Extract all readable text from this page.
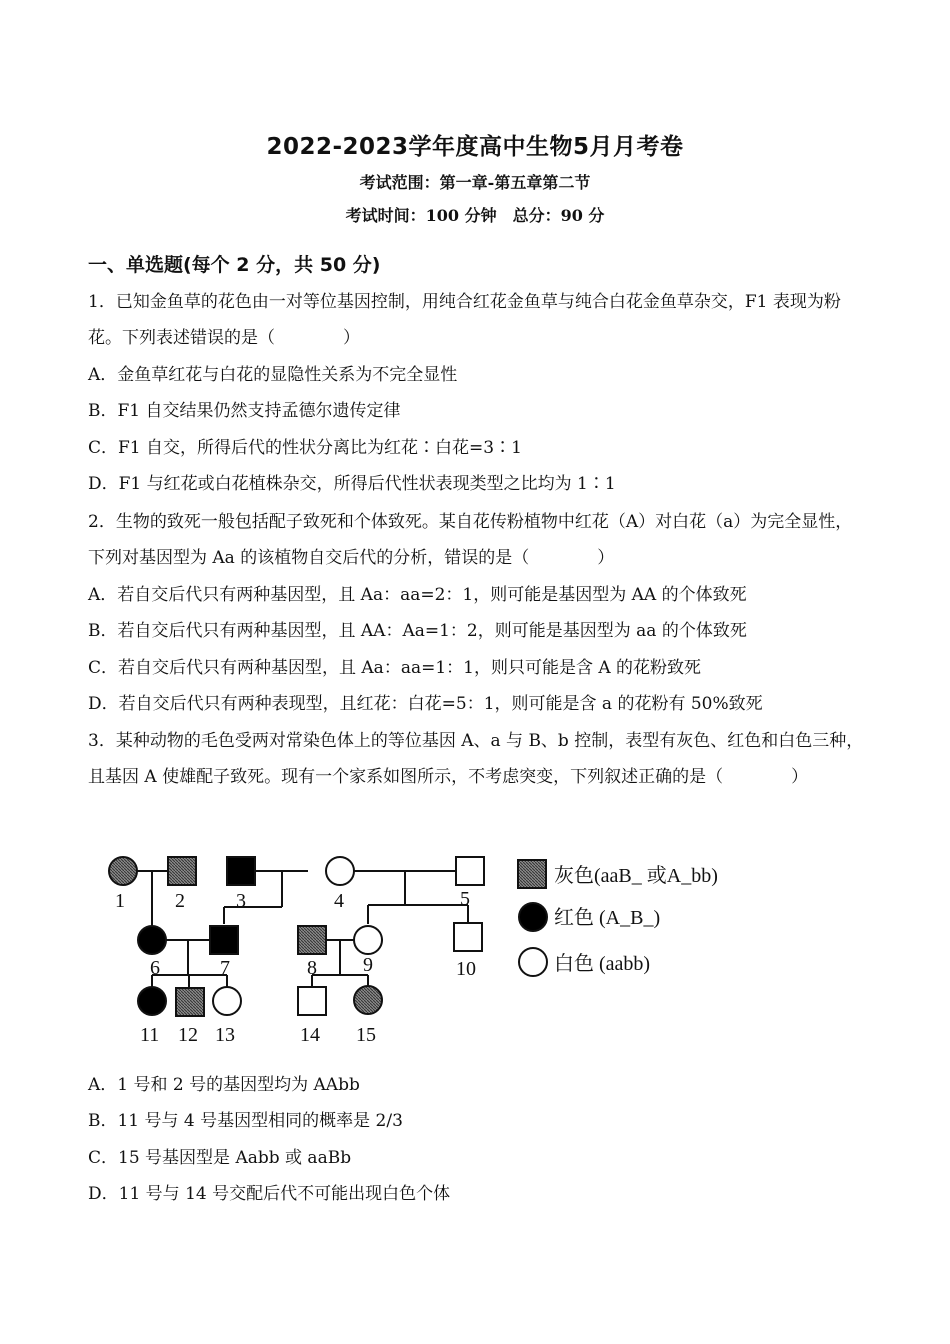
2022-2023学年度高中生物5月月考卷
考试范围：第一章-第五章第二节
考试时间：100 分钟　总分：90 分
一、单选题(每个 2 分，共 50 分)
1．已知金鱼草的花色由一对等位基因控制，用纯合红花金鱼草与纯合白花金鱼草杂交，F1 表现为粉花。下列表述错误的是（　　　　）
A．金鱼草红花与白花的显隐性关系为不完全显性
B．F1 自交结果仍然支持孟德尔遗传定律
C．F1 自交，所得后代的性状分离比为红花∶白花=3∶1
D．F1 与红花或白花植株杂交，所得后代性状表现类型之比均为 1∶1
2．生物的致死一般包括配子致死和个体致死。某自花传粉植物中红花（A）对白花（a）为完全显性，下列对基因型为 Aa 的该植物自交后代的分析，错误的是（　　　　）
A．若自交后代只有两种基因型，且 Aa：aa=2：1，则可能是基因型为 AA 的个体致死
B．若自交后代只有两种基因型，且 AA：Aa=1：2，则可能是基因型为 aa 的个体致死
C．若自交后代只有两种基因型，且 Aa：aa=1：1，则只可能是含 A 的花粉致死
D．若自交后代只有两种表现型，且红花：白花=5：1，则可能是含 a 的花粉有 50%致死
3．某种动物的毛色受两对常染色体上的等位基因 A、a 与 B、b 控制，表型有灰色、红色和白色三种，且基因 A 使雄配子致死。现有一个家系如图所示，不考虑突变，下列叙述正确的是（　　　　）
1	2	3	4	5
6	7	8 9	10
11 12 13	14 15
灰色(aaB_ 或A_bb)
红色 (A_B_)
白色 (aabb)
A．1 号和 2 号的基因型均为 AAbb
B．11 号与 4 号基因型相同的概率是 2/3
C．15 号基因型是 Aabb 或 aaBb
D．11 号与 14 号交配后代不可能出现白色个体
